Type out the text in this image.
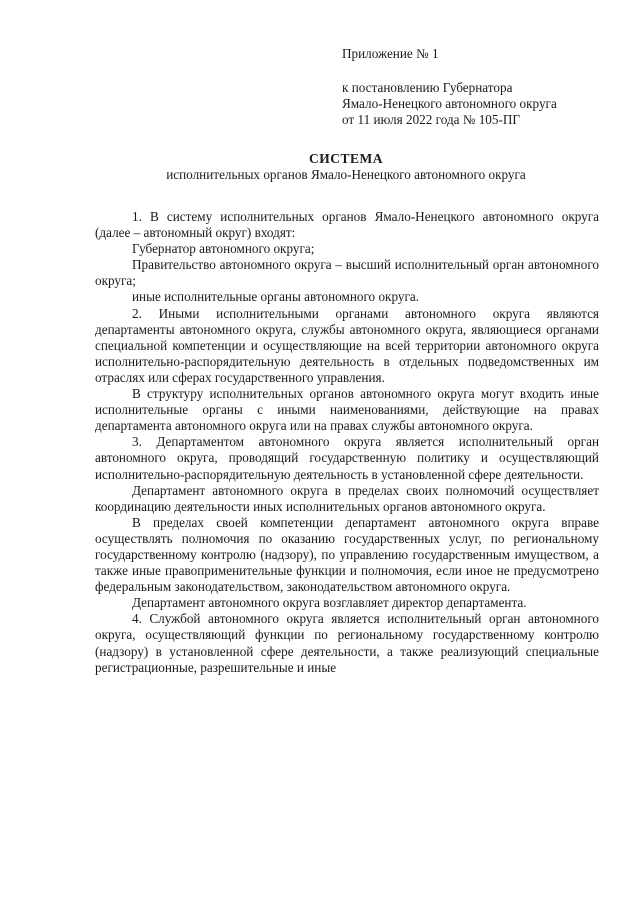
Приложение № 1

к постановлению Губернатора

Ямало-Ненецкого автономного округа

от 11 июля 2022 года № 105-ПГ

СИСТЕМА

исполнительных органов Ямало-Ненецкого автономного округа

1. В систему исполнительных органов Ямало-Ненецкого автономного округа (далее – автономный округ) входят:

Губернатор автономного округа;

Правительство автономного округа – высший исполнительный орган автономного округа;

иные исполнительные органы автономного округа.

2. Иными исполнительными органами автономного округа являются департаменты автономного округа, службы автономного округа, являющиеся органами специальной компетенции и осуществляющие на всей территории автономного округа исполнительно-распорядительную деятельность в отдельных подведомственных им отраслях или сферах государственного управления.

В структуру исполнительных органов автономного округа могут входить иные исполнительные органы с иными наименованиями, действующие на правах департамента автономного округа или на правах службы автономного округа.

3. Департаментом автономного округа является исполнительный орган автономного округа, проводящий государственную политику и осуществляющий исполнительно-распорядительную деятельность в установленной сфере деятельности.

Департамент автономного округа в пределах своих полномочий осуществляет координацию деятельности иных исполнительных органов автономного округа.

В пределах своей компетенции департамент автономного округа вправе осуществлять полномочия по оказанию государственных услуг, по региональному государственному контролю (надзору), по управлению государственным имуществом, а также иные правоприменительные функции и полномочия, если иное не предусмотрено федеральным законодательством, законодательством автономного округа.

Департамент автономного округа возглавляет директор департамента.

4. Службой автономного округа является исполнительный орган автономного округа, осуществляющий функции по региональному государственному контролю (надзору) в установленной сфере деятельности, а также реализующий специальные регистрационные, разрешительные и иные
